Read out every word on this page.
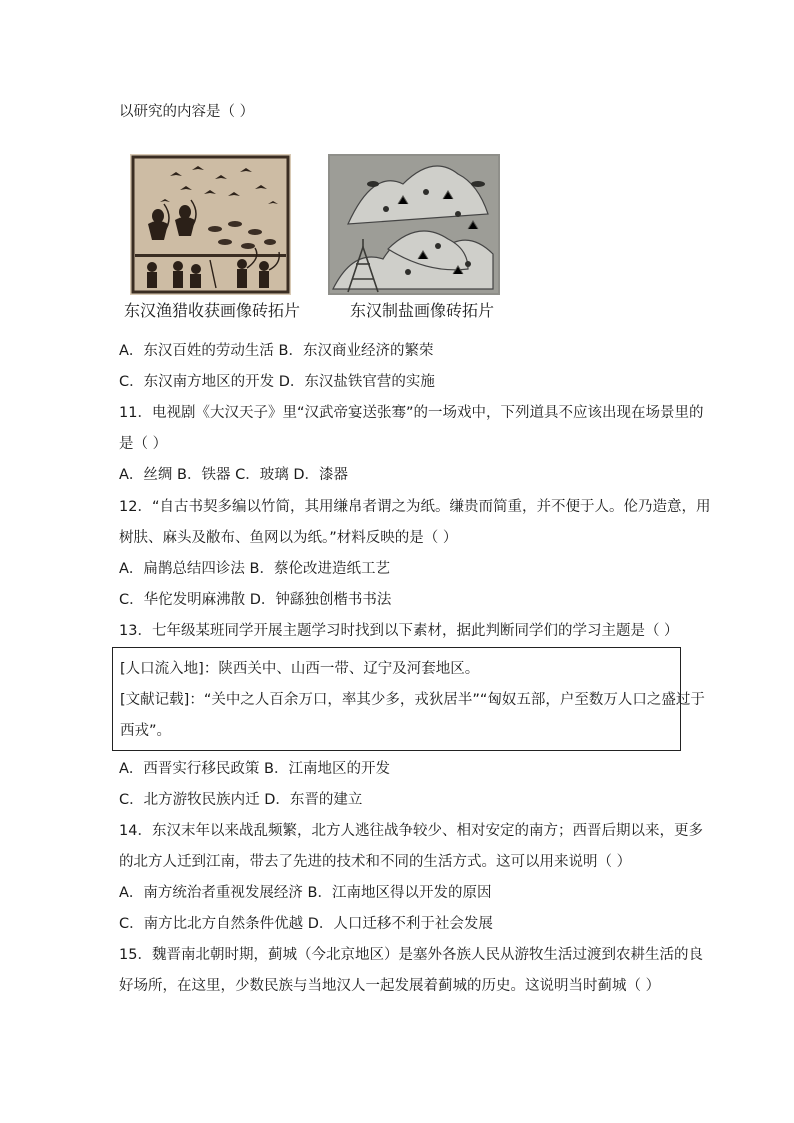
以研究的内容是（ ）
东汉渔猎收获画像砖拓片	东汉制盐画像砖拓片
A．东汉百姓的劳动生活 B．东汉商业经济的繁荣
C．东汉南方地区的开发 D．东汉盐铁官营的实施
11．电视剧《大汉天子》里“汉武帝宴送张骞”的一场戏中，下列道具不应该出现在场景里的
是（ ）
A．丝绸 B．铁器 C．玻璃 D．漆器
12．“自古书契多编以竹简，其用缣帛者谓之为纸。缣贵而简重，并不便于人。伦乃造意，用
树肤、麻头及敝布、鱼网以为纸。”材料反映的是（ ）
A．扁鹊总结四诊法 B．蔡伦改进造纸工艺
C．华佗发明麻沸散 D．钟繇独创楷书书法
13．七年级某班同学开展主题学习时找到以下素材，据此判断同学们的学习主题是（ ）
[人口流入地]：陕西关中、山西一带、辽宁及河套地区。
[文献记载]：“关中之人百余万口，率其少多，戎狄居半”“匈奴五部，户至数万人口之盛过于
西戎”。
A．西晋实行移民政策 B．江南地区的开发
C．北方游牧民族内迁 D．东晋的建立
14．东汉末年以来战乱频繁，北方人逃往战争较少、相对安定的南方；西晋后期以来，更多
的北方人迁到江南，带去了先进的技术和不同的生活方式。这可以用来说明（ ）
A．南方统治者重视发展经济 B．江南地区得以开发的原因
C．南方比北方自然条件优越 D．人口迁移不利于社会发展
15．魏晋南北朝时期，蓟城（今北京地区）是塞外各族人民从游牧生活过渡到农耕生活的良
好场所，在这里，少数民族与当地汉人一起发展着蓟城的历史。这说明当时蓟城（ ）
